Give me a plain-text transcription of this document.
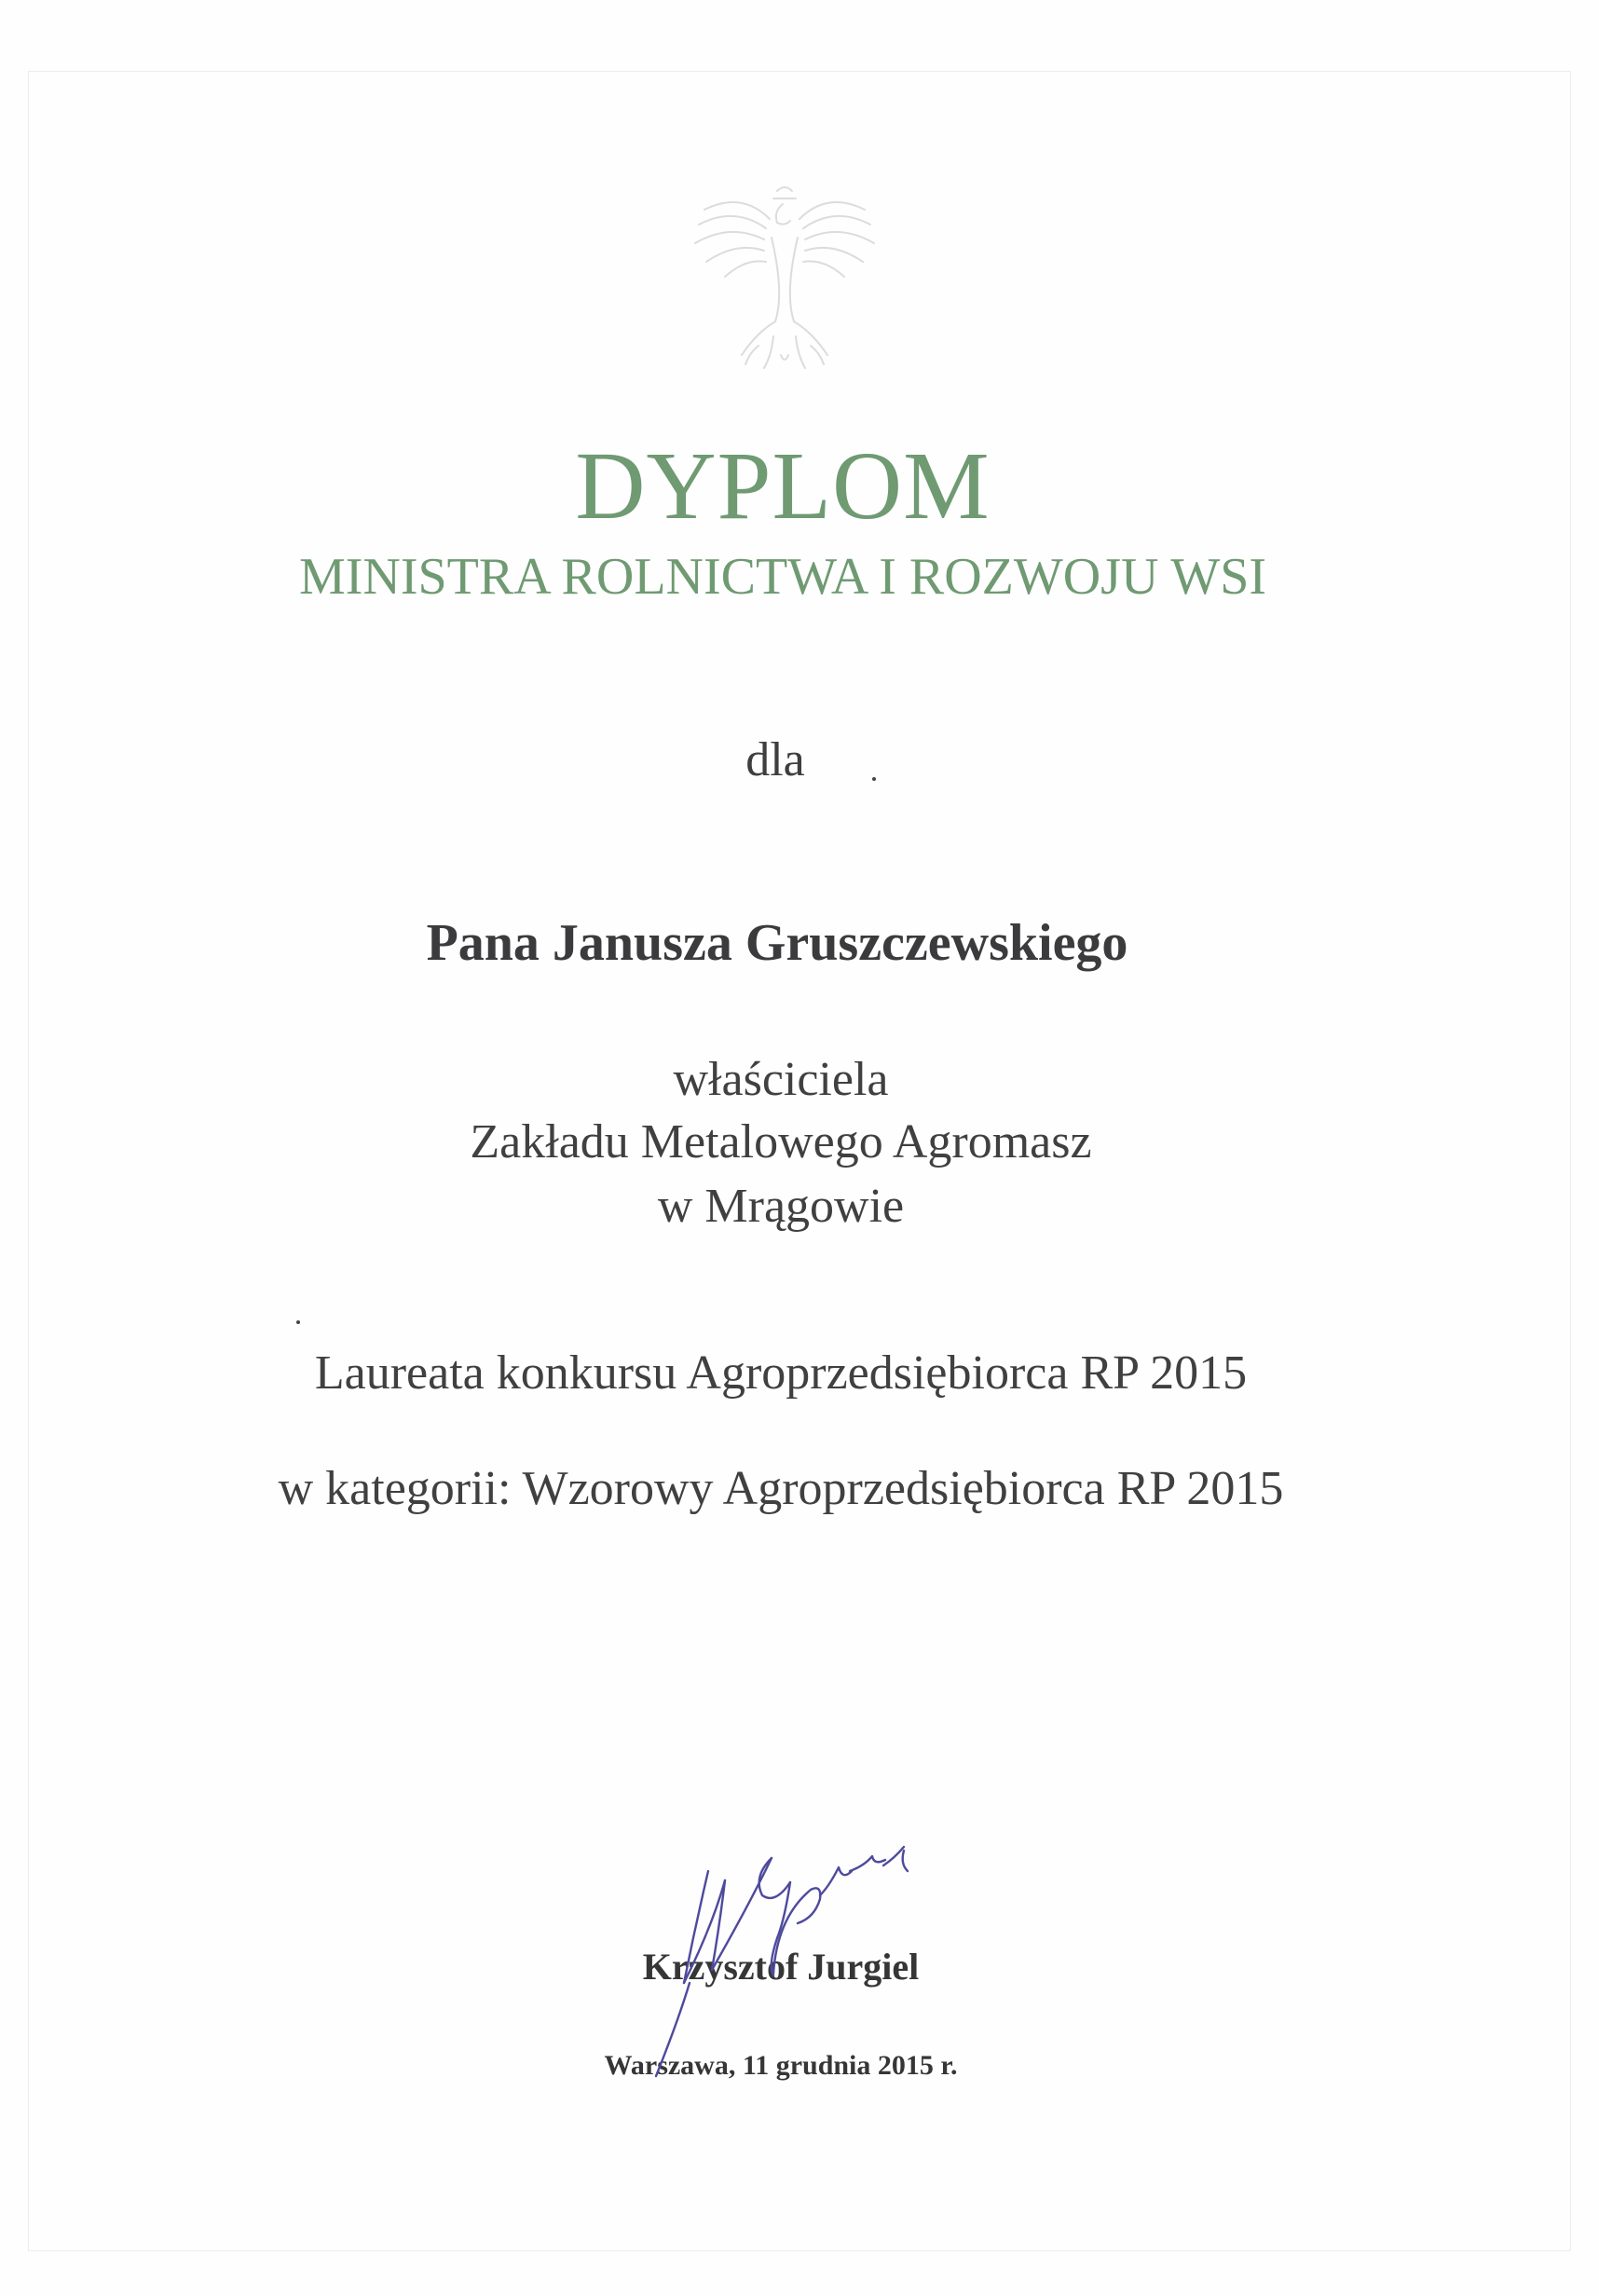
DYPLOM
MINISTRA ROLNICTWA I ROZWOJU WSI
dla
Pana Janusza Gruszczewskiego
właściciela
Zakładu Metalowego Agromasz
w Mrągowie
Laureata konkursu Agroprzedsiębiorca RP 2015
w kategorii: Wzorowy Agroprzedsiębiorca RP 2015
Krzysztof Jurgiel
Warszawa, 11 grudnia 2015 r.
